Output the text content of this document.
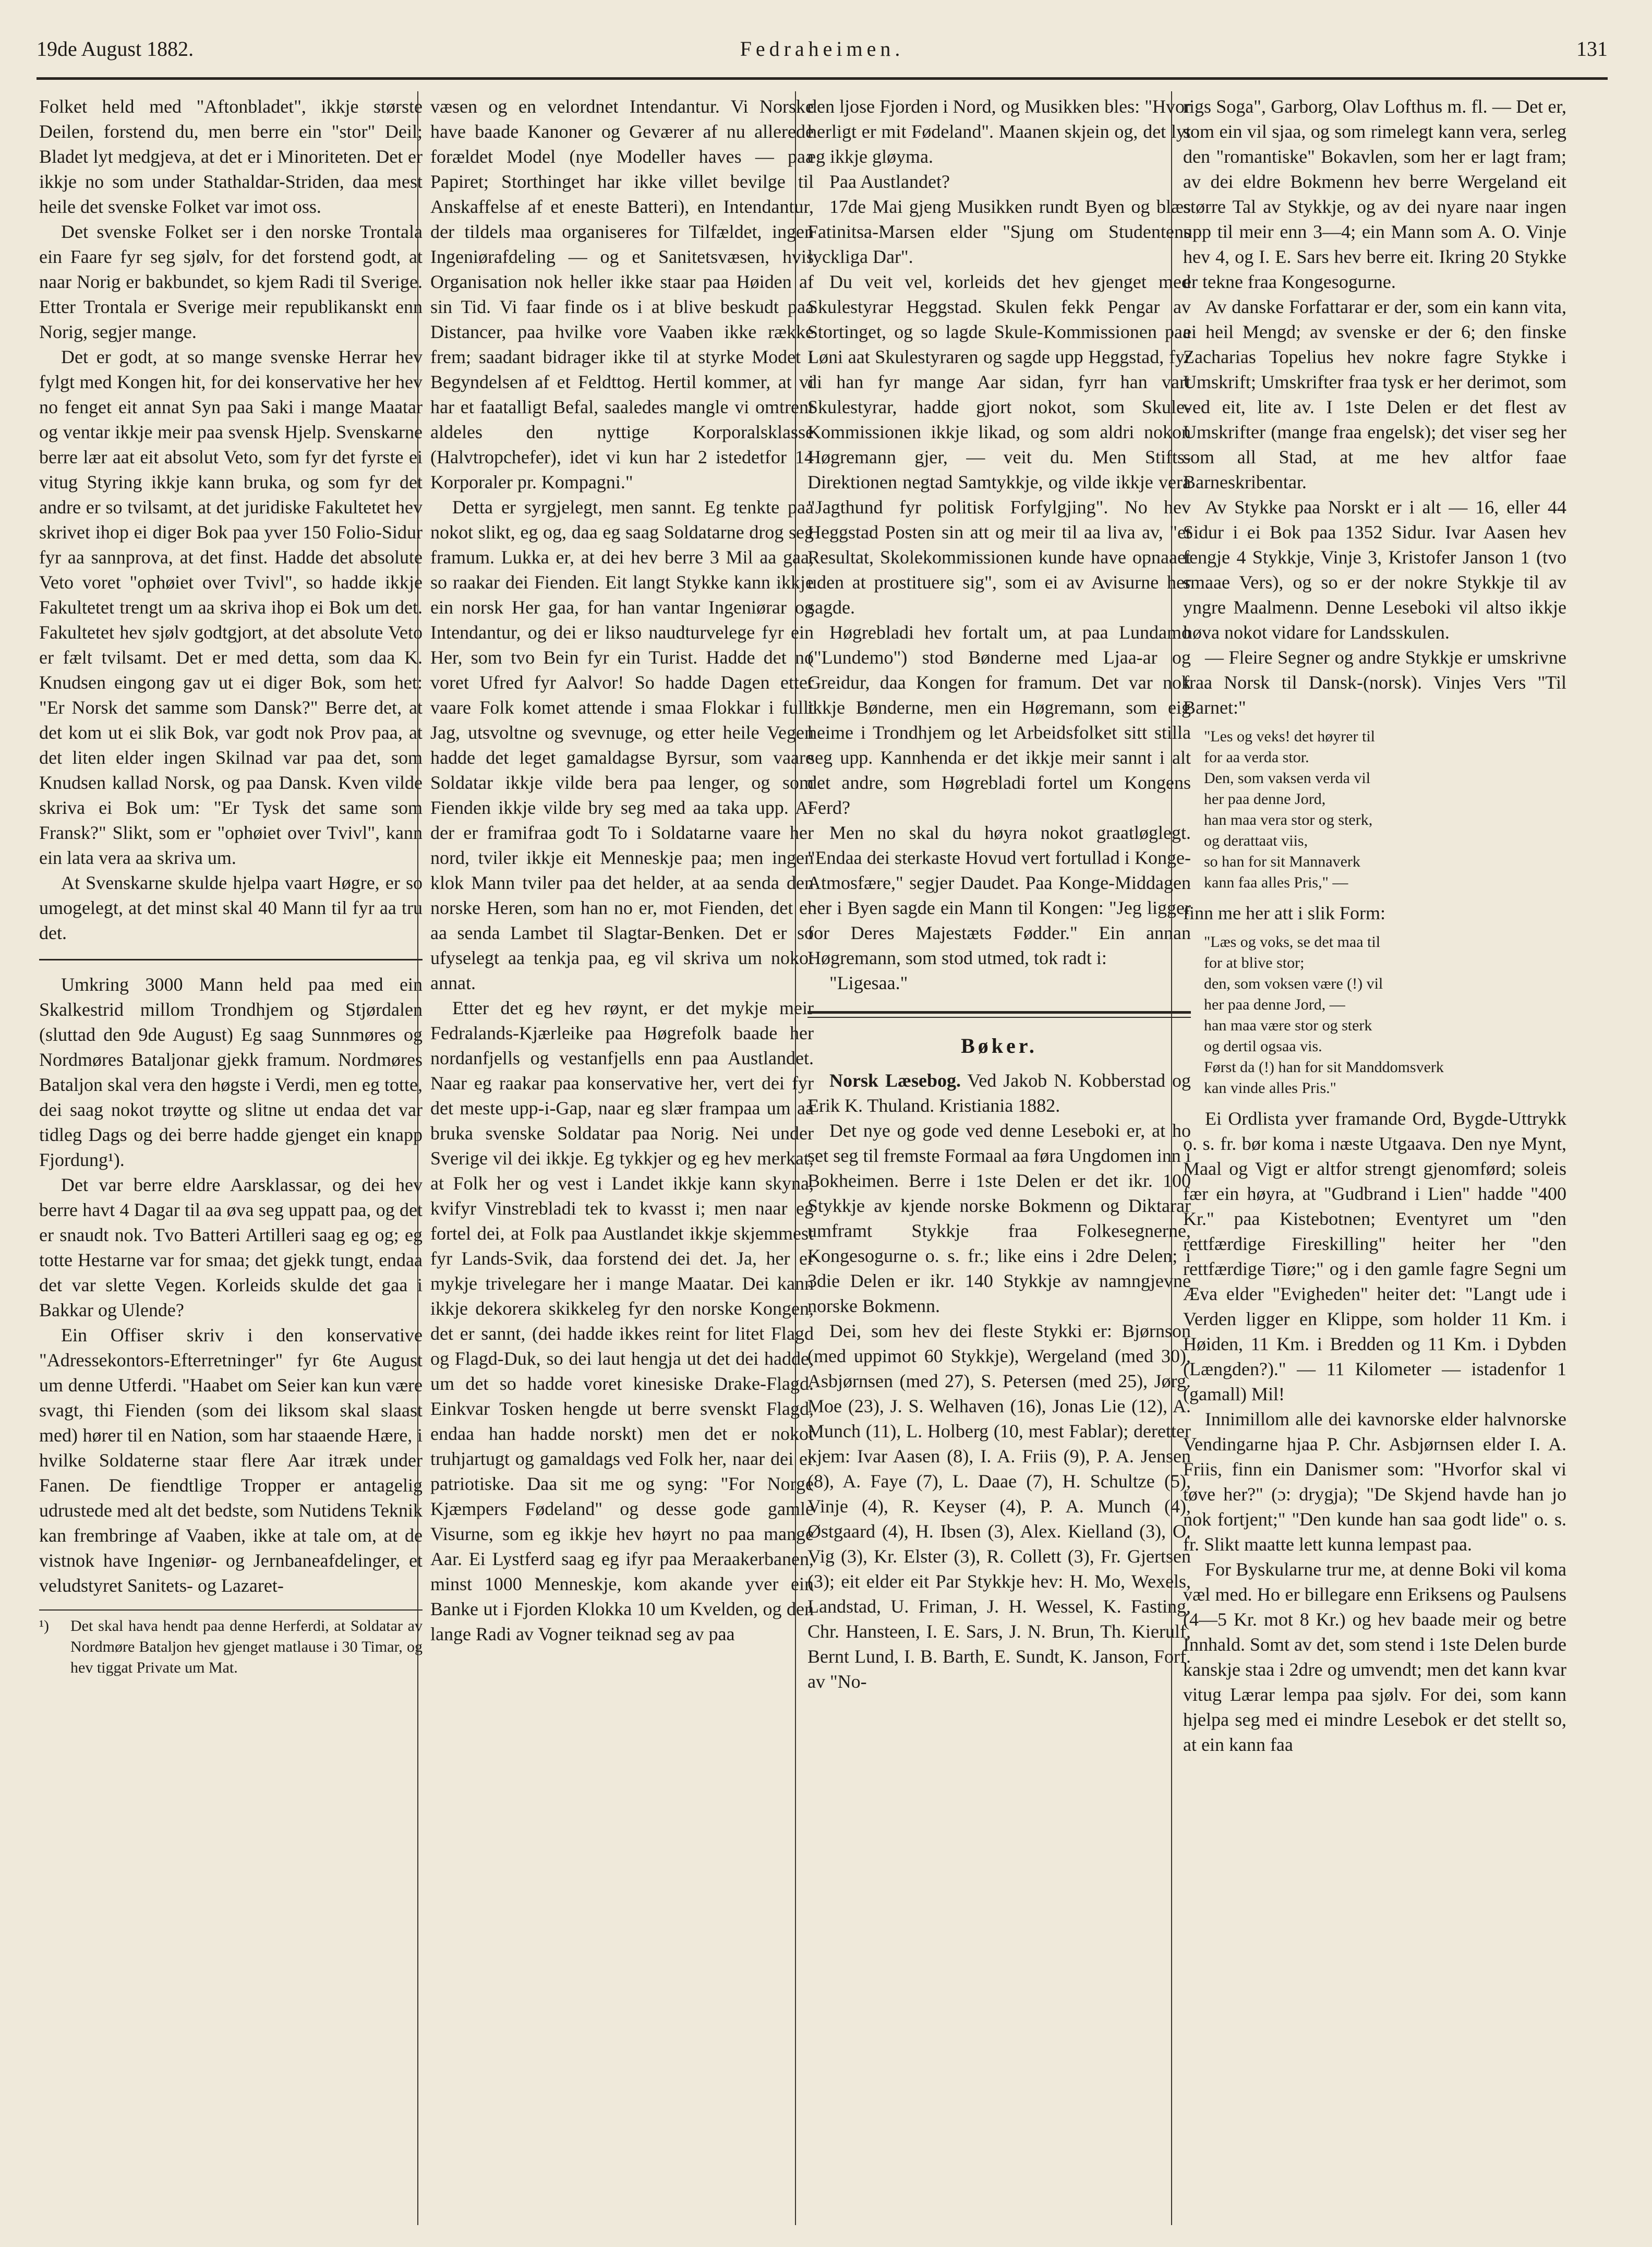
19de August 1882.	Fedraheimen.	131

Folket held med "Aftonbladet", ikkje største Deilen, forstend du, men berre ein "stor" Deil; Bladet lyt medgjeva, at det er i Minoriteten. Det er ikkje no som under Stathaldar-Striden, daa mest heile det svenske Folket var imot oss.

Det svenske Folket ser i den norske Trontala ein Faare fyr seg sjølv, for det forstend godt, at naar Norig er bakbundet, so kjem Radi til Sverige. Etter Trontala er Sverige meir republikanskt enn Norig, segjer mange.

Det er godt, at so mange svenske Herrar hev fylgt med Kongen hit, for dei konservative her hev no fenget eit annat Syn paa Saki i mange Maatar og ventar ikkje meir paa svensk Hjelp. Svenskarne berre lær aat eit absolut Veto, som fyr det fyrste ei vitug Styring ikkje kann bruka, og som fyr det andre er so tvilsamt, at det juridiske Fakultetet hev skrivet ihop ei diger Bok paa yver 150 Folio-Sidur fyr aa sannprova, at det finst. Hadde det absolute Veto voret "ophøiet over Tvivl", so hadde ikkje Fakultetet trengt um aa skriva ihop ei Bok um det. Fakultetet hev sjølv godtgjort, at det absolute Veto er fælt tvilsamt. Det er med detta, som daa K. Knudsen eingong gav ut ei diger Bok, som het: "Er Norsk det samme som Dansk?" Berre det, at det kom ut ei slik Bok, var godt nok Prov paa, at det liten elder ingen Skilnad var paa det, som Knudsen kallad Norsk, og paa Dansk. Kven vilde skriva ei Bok um: "Er Tysk det same som Fransk?" Slikt, som er "ophøiet over Tvivl", kann ein lata vera aa skriva um.

At Svenskarne skulde hjelpa vaart Høgre, er so umogelegt, at det minst skal 40 Mann til fyr aa tru det.

Umkring 3000 Mann held paa med ein Skalkestrid millom Trondhjem og Stjørdalen (sluttad den 9de August) Eg saag Sunnmøres og Nordmøres Bataljonar gjekk framum. Nordmøres Bataljon skal vera den høgste i Verdi, men eg totte, dei saag nokot trøytte og slitne ut endaa det var tidleg Dags og dei berre hadde gjenget ein knapp Fjordung¹).

Det var berre eldre Aarsklassar, og dei hev berre havt 4 Dagar til aa øva seg uppatt paa, og det er snaudt nok. Tvo Batteri Artilleri saag eg og; eg totte Hestarne var for smaa; det gjekk tungt, endaa det var slette Vegen. Korleids skulde det gaa i Bakkar og Ulende?

Ein Offiser skriv i den konservative "Adressekontors-Efterretninger" fyr 6te August um denne Utferdi. "Haabet om Seier kan kun være svagt, thi Fienden (som dei liksom skal slaast med) hører til en Nation, som har staaende Hære, i hvilke Soldaterne staar flere Aar itræk under Fanen. De fiendtlige Tropper er antagelig udrustede med alt det bedste, som Nutidens Teknik kan frembringe af Vaaben, ikke at tale om, at de vistnok have Ingeniør- og Jernbaneafdelinger, et veludstyret Sanitets- og Lazaret-

¹) Det skal hava hendt paa denne Herferdi, at Soldatar av Nordmøre Bataljon hev gjenget matlause i 30 Timar, og hev tiggat Private um Mat.

væsen og en velordnet Intendantur. Vi Norske have baade Kanoner og Geværer af nu allerede forældet Model (nye Modeller haves — paa Papiret; Storthinget har ikke villet bevilge til Anskaffelse af et eneste Batteri), en Intendantur, der tildels maa organiseres for Tilfældet, ingen Ingeniørafdeling — og et Sanitetsvæsen, hvis Organisation nok heller ikke staar paa Høiden af sin Tid. Vi faar finde os i at blive beskudt paa Distancer, paa hvilke vore Vaaben ikke række frem; saadant bidrager ikke til at styrke Modet i Begyndelsen af et Feldttog. Hertil kommer, at vi har et faatalligt Befal, saaledes mangle vi omtrent aldeles den nyttige Korporalsklasse (Halvtropchefer), idet vi kun har 2 istedetfor 14 Korporaler pr. Kompagni."

Detta er syrgjelegt, men sannt. Eg tenkte paa nokot slikt, eg og, daa eg saag Soldatarne drog seg framum. Lukka er, at dei hev berre 3 Mil aa gaa, so raakar dei Fienden. Eit langt Stykke kann ikkje ein norsk Her gaa, for han vantar Ingeniørar og Intendantur, og dei er likso naudturvelege fyr ein Her, som tvo Bein fyr ein Turist. Hadde det no voret Ufred fyr Aalvor! So hadde Dagen etter vaare Folk komet attende i smaa Flokkar i fullt Jag, utsvoltne og svevnuge, og etter heile Vegen hadde det leget gamaldagse Byrsur, som vaare Soldatar ikkje vilde bera paa lenger, og som Fienden ikkje vilde bry seg med aa taka upp. At der er framifraa godt To i Soldatarne vaare her nord, tviler ikkje eit Menneskje paa; men ingen klok Mann tviler paa det helder, at aa senda den norske Heren, som han no er, mot Fienden, det er aa senda Lambet til Slagtar-Benken. Det er so ufyselegt aa tenkja paa, eg vil skriva um nokot annat.

Etter det eg hev røynt, er det mykje meir Fedralands-Kjærleike paa Høgrefolk baade her nordanfjells og vestanfjells enn paa Austlandet. Naar eg raakar paa konservative her, vert dei fyr det meste upp-i-Gap, naar eg slær frampaa um aa bruka svenske Soldatar paa Norig. Nei under Sverige vil dei ikkje. Eg tykkjer og eg hev merkat, at Folk her og vest i Landet ikkje kann skyna, kvifyr Vinstrebladi tek to kvasst i; men naar eg fortel dei, at Folk paa Austlandet ikkje skjemmest fyr Lands-Svik, daa forstend dei det. Ja, her er mykje trivelegare her i mange Maatar. Dei kann ikkje dekorera skikkeleg fyr den norske Kongen, det er sannt, (dei hadde ikkes reint for litet Flagd og Flagd-Duk, so dei laut hengja ut det dei hadde, um det so hadde voret kinesiske Drake-Flagd. Einkvar Tosken hengde ut berre svenskt Flagd, endaa han hadde norskt) men det er nokot truhjartugt og gamaldags ved Folk her, naar dei er patriotiske. Daa sit me og syng: "For Norge Kjæmpers Fødeland" og desse gode gamle Visurne, som eg ikkje hev høyrt no paa mange Aar. Ei Lystferd saag eg ifyr paa Meraakerbanen, minst 1000 Menneskje, kom akande yver ein Banke ut i Fjorden Klokka 10 um Kvelden, og den lange Radi av Vogner teiknad seg av paa

den ljose Fjorden i Nord, og Musikken bles: "Hvor herligt er mit Fødeland". Maanen skjein og, det lyt eg ikkje gløyma.

Paa Austlandet?

17de Mai gjeng Musikken rundt Byen og blæs Fatinitsa-Marsen elder "Sjung om Studentens lyckliga Dar".

Du veit vel, korleids det hev gjenget med Skulestyrar Heggstad. Skulen fekk Pengar av Stortinget, og so lagde Skule-Kommissionen paa Løni aat Skulestyraren og sagde upp Heggstad, fyr di han fyr mange Aar sidan, fyrr han vart Skulestyrar, hadde gjort nokot, som Skule-Kommissionen ikkje likad, og som aldri nokon Høgremann gjer, — veit du. Men Stifts-Direktionen negtad Samtykkje, og vilde ikkje vera "Jagthund fyr politisk Forfylgjing". No hev Heggstad Posten sin att og meir til aa liva av, "et Resultat, Skolekommissionen kunde have opnaaet uden at prostituere sig", som ei av Avisurne her sagde.

Høgrebladi hev fortalt um, at paa Lundamo ("Lundemo") stod Bønderne med Ljaa-ar og Greidur, daa Kongen for framum. Det var nok ikkje Bønderne, men ein Høgremann, som eig heime i Trondhjem og let Arbeidsfolket sitt stilla seg upp. Kannhenda er det ikkje meir sannt i alt det andre, som Høgrebladi fortel um Kongens Ferd?

Men no skal du høyra nokot graatløglegt. "Endaa dei sterkaste Hovud vert fortullad i Konge-Atmosfære," segjer Daudet. Paa Konge-Middagen her i Byen sagde ein Mann til Kongen: "Jeg ligger for Deres Majestæts Fødder." Ein annan Høgremann, som stod utmed, tok radt i:

"Ligesaa."

Bøker.

Norsk Læsebog. Ved Jakob N. Kobberstad og Erik K. Thuland. Kristiania 1882.

Det nye og gode ved denne Leseboki er, at ho set seg til fremste Formaal aa føra Ungdomen inn i Bokheimen. Berre i 1ste Delen er det ikr. 100 Stykkje av kjende norske Bokmenn og Diktarar umframt Stykkje fraa Folkesegnerne, Kongesogurne o. s. fr.; like eins i 2dre Delen; i 3die Delen er ikr. 140 Stykkje av namngjevne norske Bokmenn.

Dei, som hev dei fleste Stykki er: Bjørnson (med uppimot 60 Stykkje), Wergeland (med 30), Asbjørnsen (med 27), S. Petersen (med 25), Jørg. Moe (23), J. S. Welhaven (16), Jonas Lie (12), A. Munch (11), L. Holberg (10, mest Fablar); deretter kjem: Ivar Aasen (8), I. A. Friis (9), P. A. Jensen (8), A. Faye (7), L. Daae (7), H. Schultze (5), Vinje (4), R. Keyser (4), P. A. Munch (4), Østgaard (4), H. Ibsen (3), Alex. Kielland (3), O. Vig (3), Kr. Elster (3), R. Collett (3), Fr. Gjertsen (3); eit elder eit Par Stykkje hev: H. Mo, Wexels, Landstad, U. Friman, J. H. Wessel, K. Fasting, Chr. Hansteen, I. E. Sars, J. N. Brun, Th. Kierulf, Bernt Lund, I. B. Barth, E. Sundt, K. Janson, Forf. av "No-

rigs Soga", Garborg, Olav Lofthus m. fl. — Det er, som ein vil sjaa, og som rimelegt kann vera, serleg den "romantiske" Bokavlen, som her er lagt fram; av dei eldre Bokmenn hev berre Wergeland eit større Tal av Stykkje, og av dei nyare naar ingen upp til meir enn 3—4; ein Mann som A. O. Vinje hev 4, og I. E. Sars hev berre eit. Ikring 20 Stykke er tekne fraa Kongesogurne.

Av danske Forfattarar er der, som ein kann vita, ei heil Mengd; av svenske er der 6; den finske Zacharias Topelius hev nokre fagre Stykke i Umskrift; Umskrifter fraa tysk er her derimot, som ved eit, lite av. I 1ste Delen er det flest av Umskrifter (mange fraa engelsk); det viser seg her som all Stad, at me hev altfor faae Barneskribentar.

Av Stykke paa Norskt er i alt — 16, eller 44 Sidur i ei Bok paa 1352 Sidur. Ivar Aasen hev fengje 4 Stykkje, Vinje 3, Kristofer Janson 1 (tvo smaae Vers), og so er der nokre Stykkje til av yngre Maalmenn. Denne Leseboki vil altso ikkje høva nokot vidare for Landsskulen.

— Fleire Segner og andre Stykkje er umskrivne fraa Norsk til Dansk-(norsk). Vinjes Vers "Til Barnet:"

"Les og veks! det høyrer til
for aa verda stor.
Den, som vaksen verda vil
her paa denne Jord,
han maa vera stor og sterk,
og derattaat viis,
so han for sit Mannaverk
kann faa alles Pris," —

finn me her att i slik Form:

"Læs og voks, se det maa til
for at blive stor;
den, som voksen være (!) vil
her paa denne Jord, —
han maa være stor og sterk
og dertil ogsaa vis.
Først da (!) han for sit Manddomsverk
kan vinde alles Pris."

Ei Ordlista yver framande Ord, Bygde-Uttrykk o. s. fr. bør koma i næste Utgaava. Den nye Mynt, Maal og Vigt er altfor strengt gjenomførd; soleis fær ein høyra, at "Gudbrand i Lien" hadde "400 Kr." paa Kistebotnen; Eventyret um "den rettfærdige Fireskilling" heiter her "den rettfærdige Tiøre;" og i den gamle fagre Segni um Æva elder "Evigheden" heiter det: "Langt ude i Verden ligger en Klippe, som holder 11 Km. i Høiden, 11 Km. i Bredden og 11 Km. i Dybden (Længden?)." — 11 Kilometer — istadenfor 1 (gamall) Mil!

Innimillom alle dei kavnorske elder halvnorske Vendingarne hjaa P. Chr. Asbjørnsen elder I. A. Friis, finn ein Danismer som: "Hvorfor skal vi tøve her?" (ɔ: drygja); "De Skjend havde han jo nok fortjent;" "Den kunde han saa godt lide" o. s. fr. Slikt maatte lett kunna lempast paa.

For Byskularne trur me, at denne Boki vil koma væl med. Ho er billegare enn Eriksens og Paulsens (4—5 Kr. mot 8 Kr.) og hev baade meir og betre Innhald. Somt av det, som stend i 1ste Delen burde kanskje staa i 2dre og umvendt; men det kann kvar vitug Lærar lempa paa sjølv. For dei, som kann hjelpa seg med ei mindre Lesebok er det stellt so, at ein kann faa
